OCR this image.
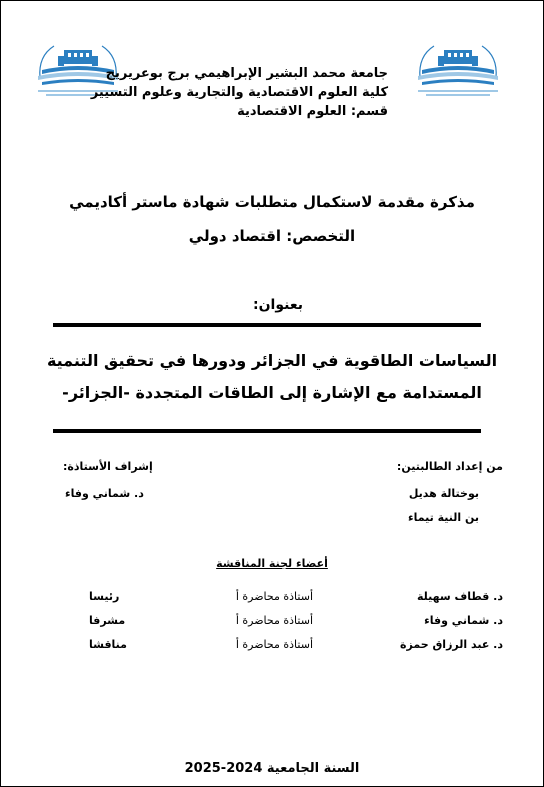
جامعة محمد البشير الإبراهيمي برج بوعريريج
كلية العلوم الاقتصادية والتجارية وعلوم التسيير
قسم: العلوم الاقتصادية
مذكرة مقدمة لاستكمال متطلبات شهادة ماستر أكاديمي
التخصص: اقتصاد دولي
بعنوان:
السياسات الطاقوية في الجزائر ودورها في تحقيق التنمية
المستدامة مع الإشارة إلى الطاقات المتجددة -الجزائر-
من إعداد الطالبتين:
بوختالة هديل
بن النية تيماء
إشراف الأستاذة:
د. شماني وفاء
أعضاء لجنة المناقشة
د. قطاف سهيلة
أستاذة محاضرة أ
رئيسا
د. شماني وفاء
أستاذة محاضرة أ
مشرفا
د. عبد الرزاق حمزة
أستاذة محاضرة أ
مناقشا
السنة الجامعية 2024-2025
